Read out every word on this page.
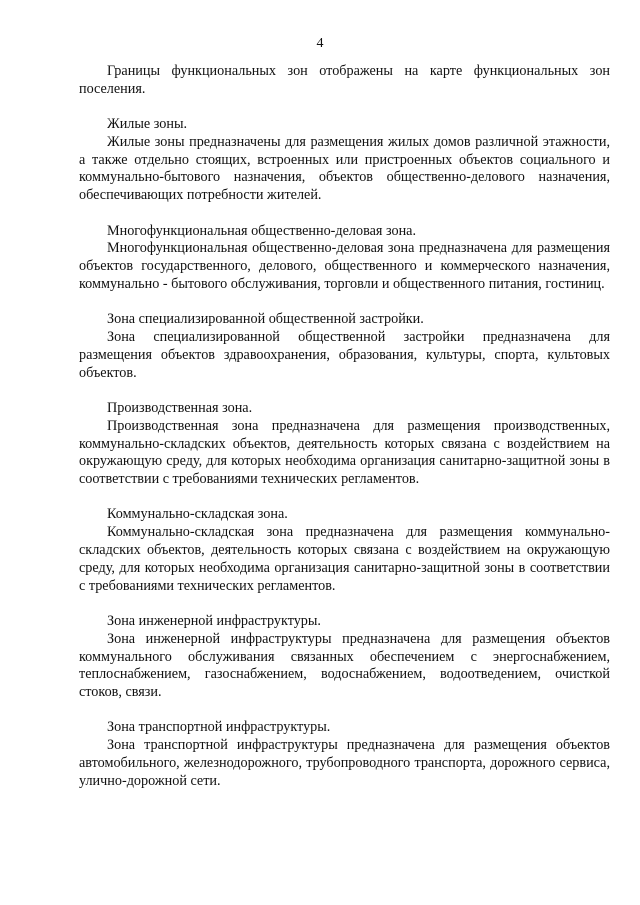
4

Границы функциональных зон отображены на карте функциональных зон поселения.

Жилые зоны.

Жилые зоны предназначены для размещения жилых домов различной этажности, а также отдельно стоящих, встроенных или пристроенных объектов социального и коммунально-бытового назначения, объектов общественно-делового назначения, обеспечивающих потребности жителей.

Многофункциональная общественно-деловая зона.

Многофункциональная общественно-деловая зона предназначена для размещения объектов государственного, делового, общественного и коммерческого назначения, коммунально - бытового обслуживания, торговли и общественного питания, гостиниц.

Зона специализированной общественной застройки.

Зона специализированной общественной застройки предназначена для размещения объектов здравоохранения, образования, культуры, спорта, культовых объектов.

Производственная зона.

Производственная зона предназначена для размещения производственных, коммунально-складских объектов, деятельность которых связана с воздействием на окружающую среду, для которых необходима организация санитарно-защитной зоны в соответствии с требованиями технических регламентов.

Коммунально-складская зона.

Коммунально-складская зона предназначена для размещения коммунально-складских объектов, деятельность которых связана с воздействием на окружающую среду, для которых необходима организация санитарно-защитной зоны в соответствии с требованиями технических регламентов.

Зона инженерной инфраструктуры.

Зона инженерной инфраструктуры предназначена для размещения объектов коммунального обслуживания связанных обеспечением с энергоснабжением, теплоснабжением, газоснабжением, водоснабжением, водоотведением, очисткой стоков, связи.

Зона транспортной инфраструктуры.

Зона транспортной инфраструктуры предназначена для размещения объектов автомобильного, железнодорожного, трубопроводного транспорта, дорожного сервиса, улично-дорожной сети.
